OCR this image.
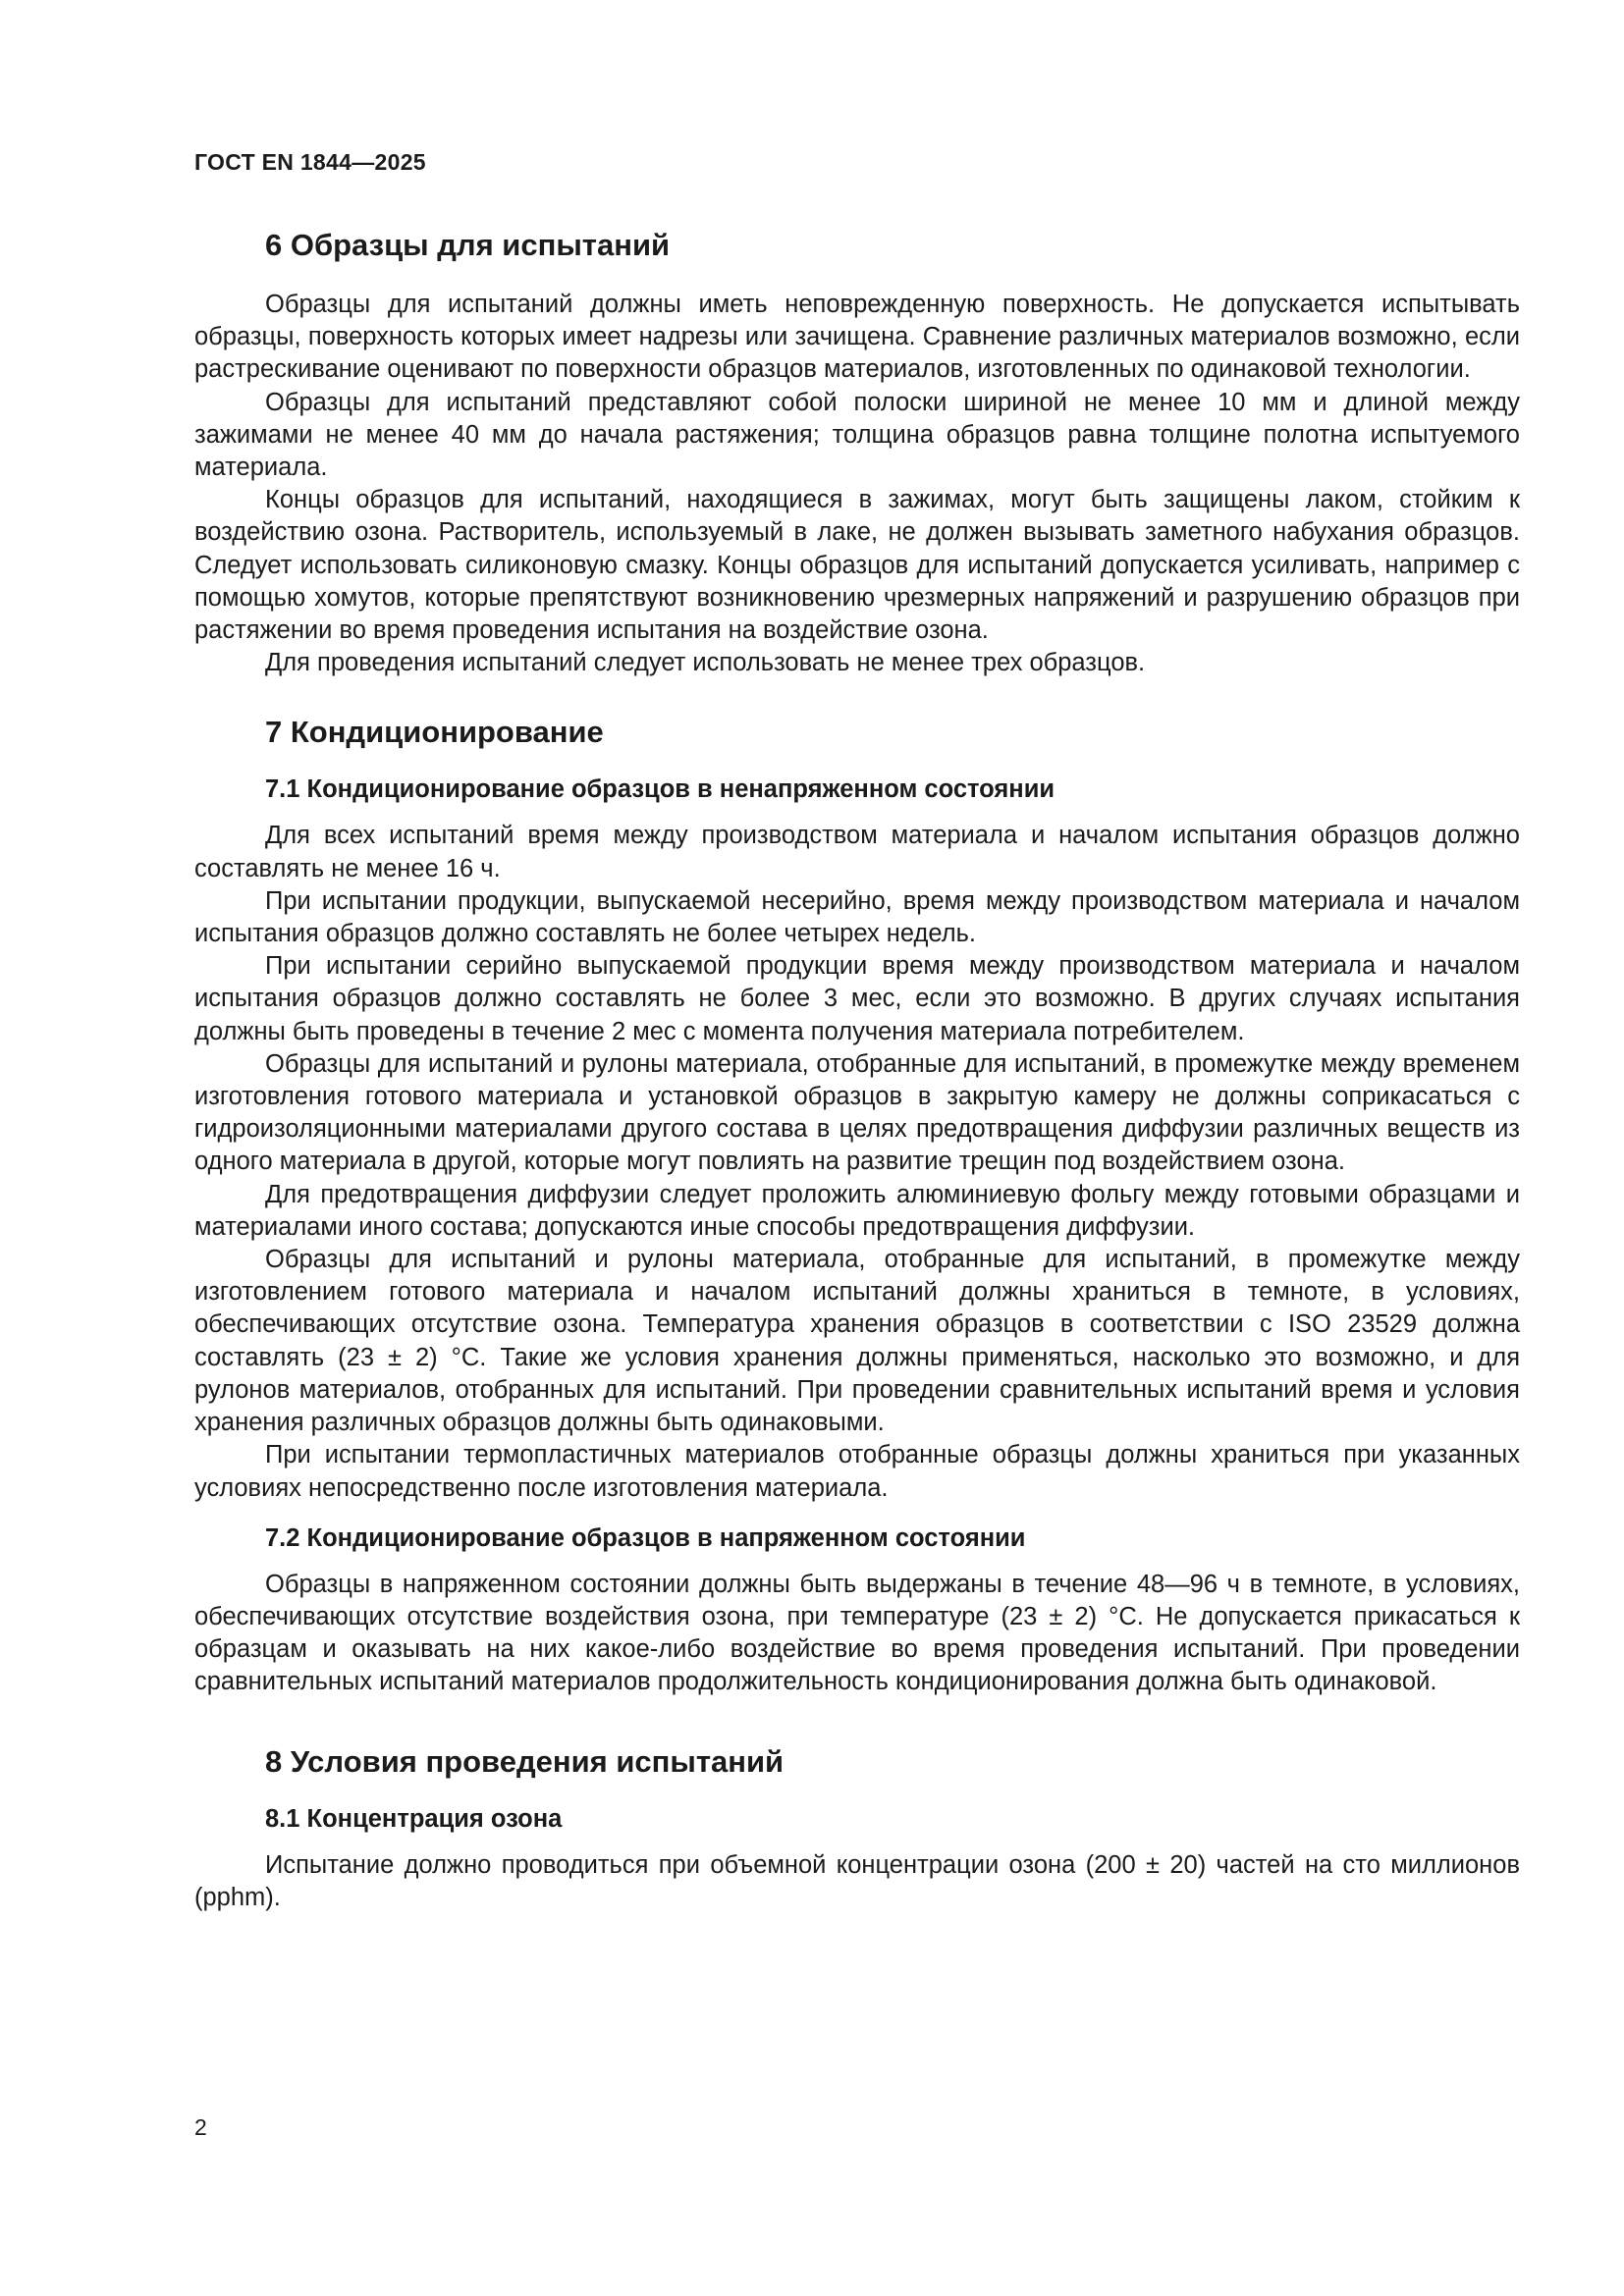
ГОСТ EN 1844—2025
6 Образцы для испытаний

Образцы для испытаний должны иметь неповрежденную поверхность. Не допускается испытывать образцы, поверхность которых имеет надрезы или зачищена. Сравнение различных материалов возможно, если растрескивание оценивают по поверхности образцов материалов, изготовленных по одинаковой технологии.

Образцы для испытаний представляют собой полоски шириной не менее 10 мм и длиной между зажимами не менее 40 мм до начала растяжения; толщина образцов равна толщине полотна испытуемого материала.

Концы образцов для испытаний, находящиеся в зажимах, могут быть защищены лаком, стойким к воздействию озона. Растворитель, используемый в лаке, не должен вызывать заметного набухания образцов. Следует использовать силиконовую смазку. Концы образцов для испытаний допускается усиливать, например с помощью хомутов, которые препятствуют возникновению чрезмерных напряжений и разрушению образцов при растяжении во время проведения испытания на воздействие озона.

Для проведения испытаний следует использовать не менее трех образцов.

7 Кондиционирование
7.1 Кондиционирование образцов в ненапряженном состоянии

Для всех испытаний время между производством материала и началом испытания образцов должно составлять не менее 16 ч.

При испытании продукции, выпускаемой несерийно, время между производством материала и началом испытания образцов должно составлять не более четырех недель.

При испытании серийно выпускаемой продукции время между производством материала и началом испытания образцов должно составлять не более 3 мес, если это возможно. В других случаях испытания должны быть проведены в течение 2 мес с момента получения материала потребителем.

Образцы для испытаний и рулоны материала, отобранные для испытаний, в промежутке между временем изготовления готового материала и установкой образцов в закрытую камеру не должны соприкасаться с гидроизоляционными материалами другого состава в целях предотвращения диффузии различных веществ из одного материала в другой, которые могут повлиять на развитие трещин под воздействием озона.

Для предотвращения диффузии следует проложить алюминиевую фольгу между готовыми образцами и материалами иного состава; допускаются иные способы предотвращения диффузии.

Образцы для испытаний и рулоны материала, отобранные для испытаний, в промежутке между изготовлением готового материала и началом испытаний должны храниться в темноте, в условиях, обеспечивающих отсутствие озона. Температура хранения образцов в соответствии с ISO 23529 должна составлять (23 ± 2) °С. Такие же условия хранения должны применяться, насколько это возможно, и для рулонов материалов, отобранных для испытаний. При проведении сравнительных испытаний время и условия хранения различных образцов должны быть одинаковыми.

При испытании термопластичных материалов отобранные образцы должны храниться при указанных условиях непосредственно после изготовления материала.

7.2 Кондиционирование образцов в напряженном состоянии

Образцы в напряженном состоянии должны быть выдержаны в течение 48—96 ч в темноте, в условиях, обеспечивающих отсутствие воздействия озона, при температуре (23 ± 2) °С. Не допускается прикасаться к образцам и оказывать на них какое-либо воздействие во время проведения испытаний. При проведении сравнительных испытаний материалов продолжительность кондиционирования должна быть одинаковой.

8 Условия проведения испытаний
8.1 Концентрация озона

Испытание должно проводиться при объемной концентрации озона (200 ± 20) частей на сто миллионов (pphm).

2
